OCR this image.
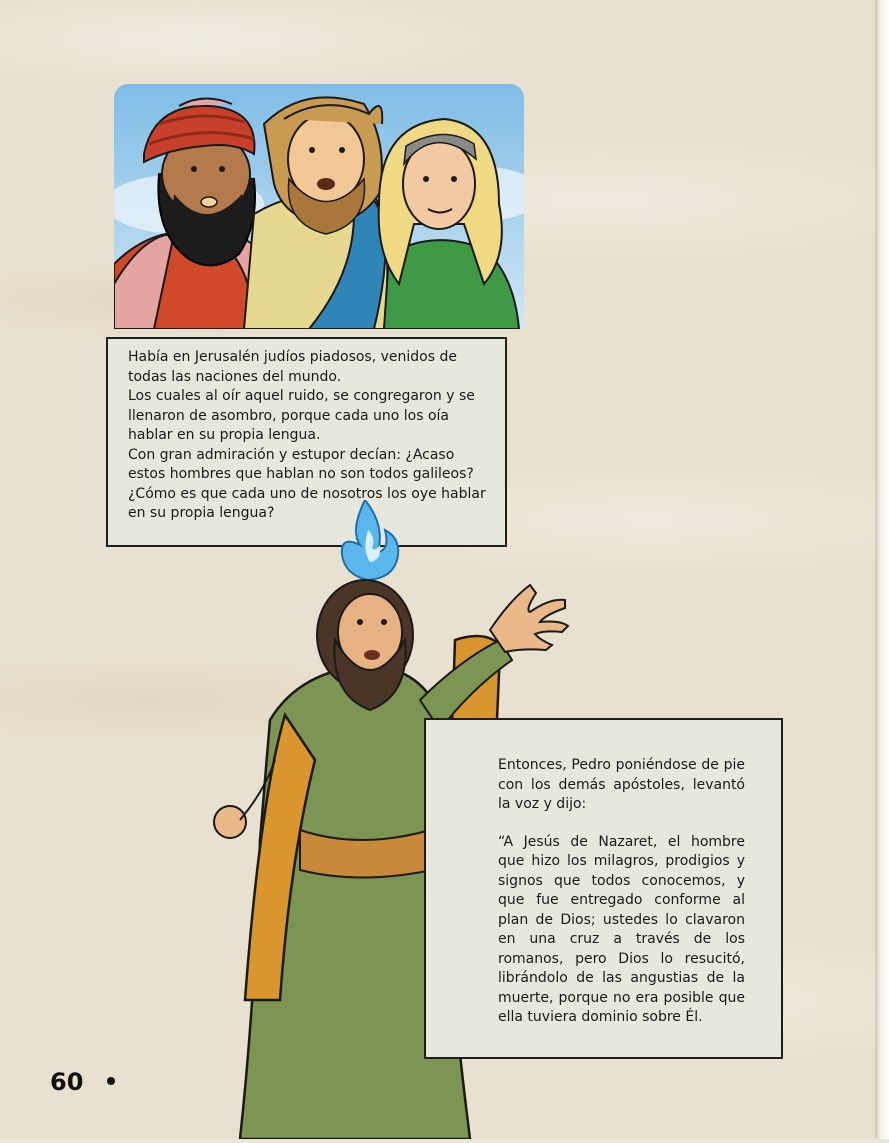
Había en Jerusalén judíos piadosos, venidos de todas las naciones del mundo.

Los cuales al oír aquel ruido, se congregaron y se llenaron de asombro, porque cada uno los oía hablar en su propia lengua.

Con gran admiración y estupor decían: ¿Acaso estos hombres que hablan no son todos galileos? ¿Cómo es que cada uno de nosotros los oye hablar en su propia lengua?

Entonces, Pedro poniéndose de pie con los demás apóstoles, levantó la voz y dijo:

“A Jesús de Nazaret, el hombre que hizo los milagros, prodigios y signos que todos conocemos, y que fue entregado conforme al plan de Dios; ustedes lo clavaron en una cruz a través de los romanos, pero Dios lo resucitó, librándolo de las angustias de la muerte, porque no era posible que ella tuviera dominio sobre Él.

60
